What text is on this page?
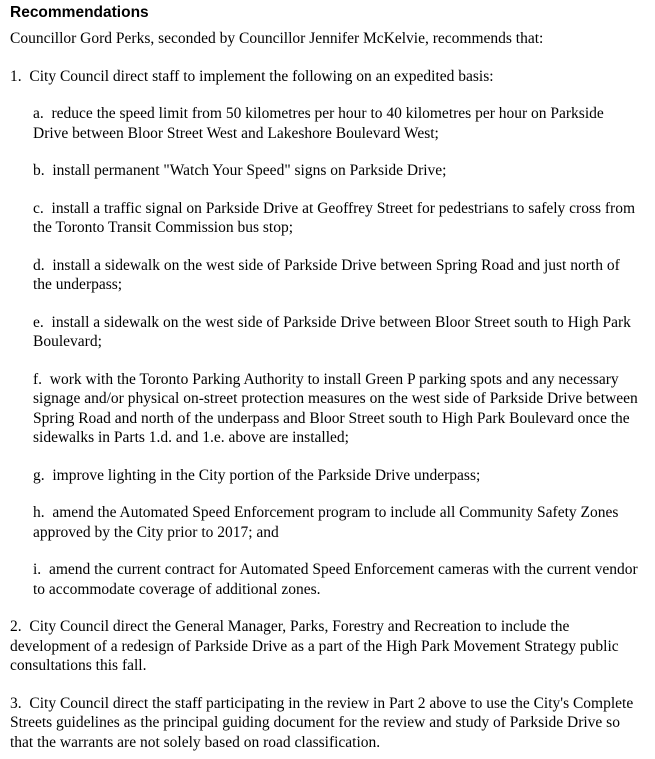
Recommendations

Councillor Gord Perks, seconded by Councillor Jennifer McKelvie, recommends that:

1. City Council direct staff to implement the following on an expedited basis:

a. reduce the speed limit from 50 kilometres per hour to 40 kilometres per hour on Parkside Drive between Bloor Street West and Lakeshore Boulevard West;

b. install permanent "Watch Your Speed" signs on Parkside Drive;

c. install a traffic signal on Parkside Drive at Geoffrey Street for pedestrians to safely cross from the Toronto Transit Commission bus stop;

d. install a sidewalk on the west side of Parkside Drive between Spring Road and just north of the underpass;

e. install a sidewalk on the west side of Parkside Drive between Bloor Street south to High Park Boulevard;

f. work with the Toronto Parking Authority to install Green P parking spots and any necessary signage and/or physical on-street protection measures on the west side of Parkside Drive between Spring Road and north of the underpass and Bloor Street south to High Park Boulevard once the sidewalks in Parts 1.d. and 1.e. above are installed;

g. improve lighting in the City portion of the Parkside Drive underpass;

h. amend the Automated Speed Enforcement program to include all Community Safety Zones approved by the City prior to 2017; and

i. amend the current contract for Automated Speed Enforcement cameras with the current vendor to accommodate coverage of additional zones.

2. City Council direct the General Manager, Parks, Forestry and Recreation to include the development of a redesign of Parkside Drive as a part of the High Park Movement Strategy public consultations this fall.

3. City Council direct the staff participating in the review in Part 2 above to use the City's Complete Streets guidelines as the principal guiding document for the review and study of Parkside Drive so that the warrants are not solely based on road classification.
